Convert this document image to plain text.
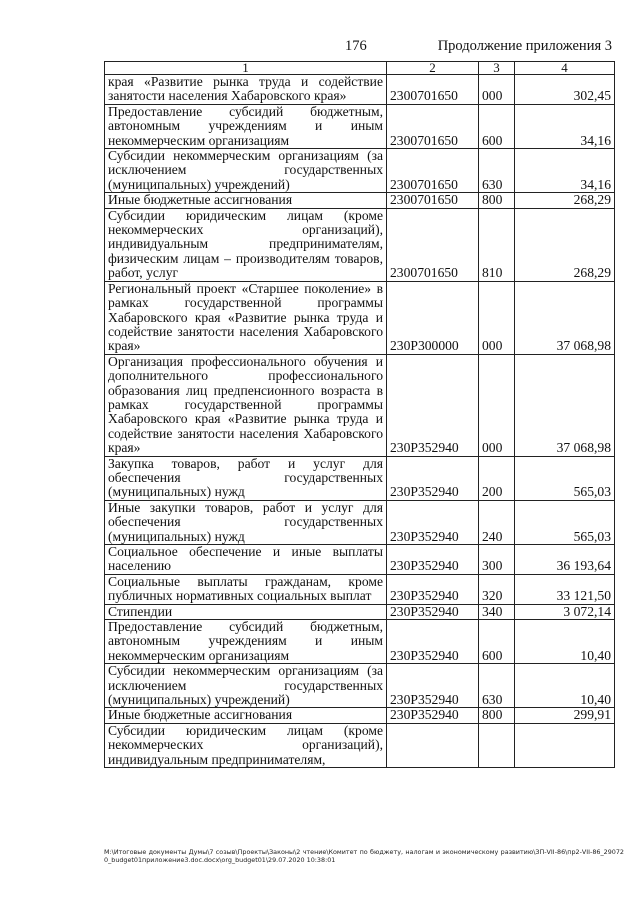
176	Продолжение приложения 3
1	2	3	4
края «Развитие рынка труда и содействие занятости населения Хабаровского края»	2300701650	000	302,45
Предоставление субсидий бюджетным, автономным учреждениям и иным некоммерческим организациям	2300701650	600	34,16
Субсидии некоммерческим организациям (за исключением государственных (муниципальных) учреждений)	2300701650	630	34,16
Иные бюджетные ассигнования	2300701650	800	268,29
Субсидии юридическим лицам (кроме некоммерческих организаций), индивидуальным предпринимателям, физическим лицам – производителям товаров, работ, услуг	2300701650	810	268,29
Региональный проект «Старшее поколение» в рамках государственной программы Хабаровского края «Развитие рынка труда и содействие занятости населения Хабаровского края»	230P300000	000	37 068,98
Организация профессионального обучения и дополнительного профессионального образования лиц предпенсионного возраста в рамках государственной программы Хабаровского края «Развитие рынка труда и содействие занятости населения Хабаровского края»	230P352940	000	37 068,98
Закупка товаров, работ и услуг для обеспечения государственных (муниципальных) нужд	230P352940	200	565,03
Иные закупки товаров, работ и услуг для обеспечения государственных (муниципальных) нужд	230P352940	240	565,03
Социальное обеспечение и иные выплаты населению	230P352940	300	36 193,64
Социальные выплаты гражданам, кроме публичных нормативных социальных выплат	230P352940	320	33 121,50
Стипендии	230P352940	340	3 072,14
Предоставление субсидий бюджетным, автономным учреждениям и иным некоммерческим организациям	230P352940	600	10,40
Субсидии некоммерческим организациям (за исключением государственных (муниципальных) учреждений)	230P352940	630	10,40
Иные бюджетные ассигнования	230P352940	800	299,91
Субсидии юридическим лицам (кроме некоммерческих организаций), индивидуальным предпринимателям,			
M:\Итоговые документы Думы\7 созыв\Проекты\Законы\2 чтение\Комитет по бюджету, налогам и экономическому развитию\ЗП-VII-86\пр2-VII-86_290720_budget01приложение3.doc.docx\org_budget01\29.07.2020 10:38:01
